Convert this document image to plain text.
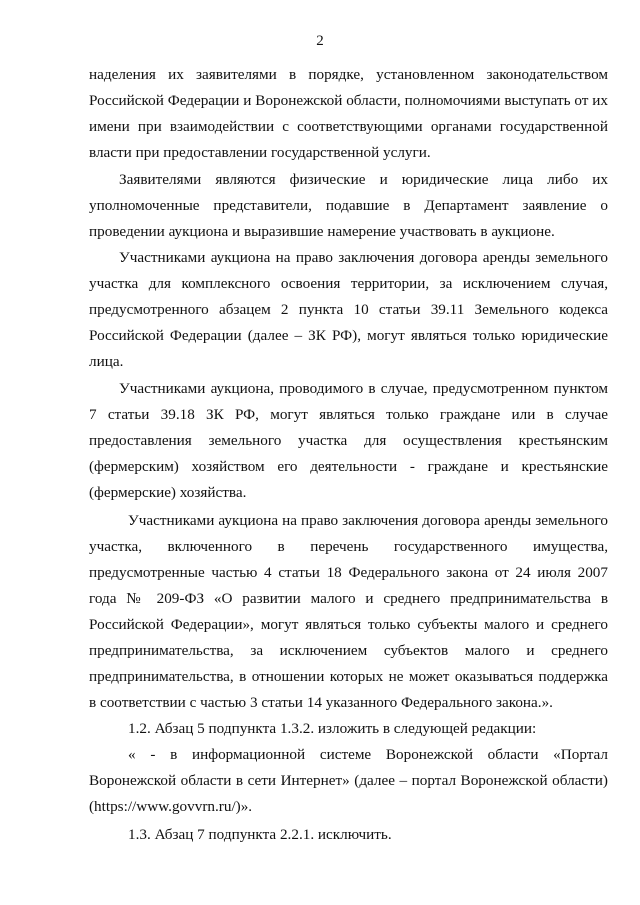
2
наделения их заявителями в порядке, установленном законодательством
Российской Федерации и Воронежской области, полномочиями выступать от их
имени при взаимодействии с соответствующими органами государственной
власти при предоставлении государственной услуги.
Заявителями являются физические и юридические лица либо их
уполномоченные представители, подавшие в Департамент заявление о
проведении аукциона и выразившие намерение участвовать в аукционе.
Участниками аукциона на право заключения договора аренды земельного
участка для комплексного освоения территории, за исключением случая,
предусмотренного абзацем 2 пункта 10 статьи 39.11 Земельного кодекса
Российской Федерации (далее – ЗК РФ), могут являться только юридические
лица.
Участниками аукциона, проводимого в случае, предусмотренном пунктом
7 статьи 39.18 ЗК РФ, могут являться только граждане или в случае
предоставления земельного участка для осуществления крестьянским
(фермерским) хозяйством его деятельности - граждане и крестьянские
(фермерские) хозяйства.
Участниками аукциона на право заключения договора аренды земельного
участка, включенного в перечень государственного имущества,
предусмотренные частью 4 статьи 18 Федерального закона от 24 июля 2007
года № 209-ФЗ «О развитии малого и среднего предпринимательства в
Российской Федерации», могут являться только субъекты малого и среднего
предпринимательства, за исключением субъектов малого и среднего
предпринимательства, в отношении которых не может оказываться поддержка
в соответствии с частью 3 статьи 14 указанного Федерального закона.».
1.2. Абзац 5 подпункта 1.3.2. изложить в следующей редакции:
« - в информационной системе Воронежской области «Портал
Воронежской области в сети Интернет» (далее – портал Воронежской области)
(https://www.govvrn.ru/)».
1.3. Абзац 7 подпункта 2.2.1. исключить.
